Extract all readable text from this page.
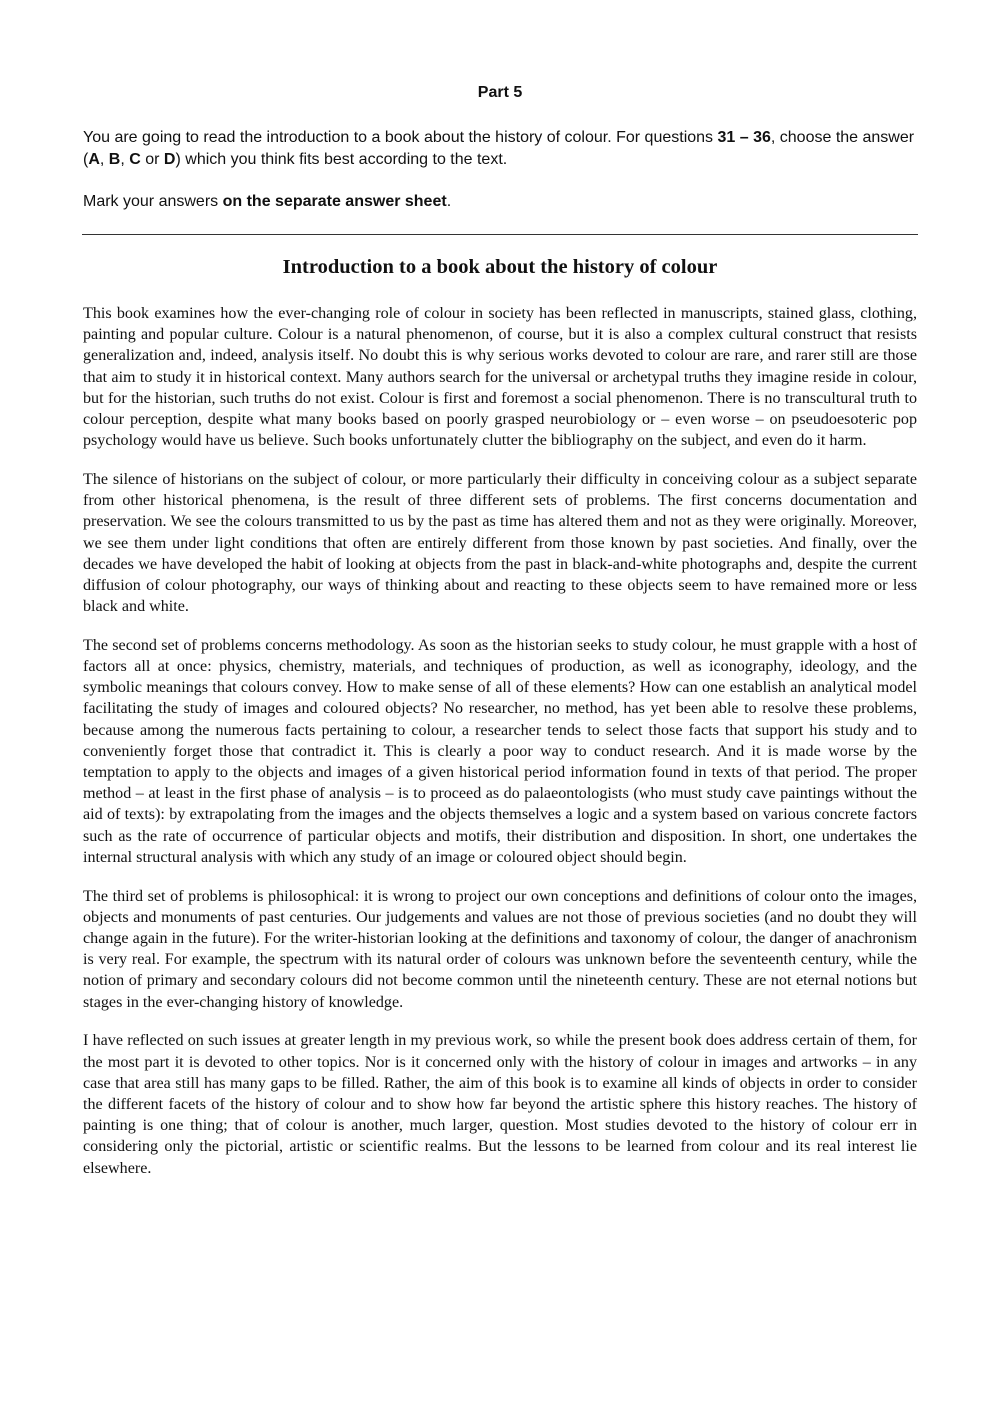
Part 5

You are going to read the introduction to a book about the history of colour. For questions 31 – 36, choose the answer (A, B, C or D) which you think fits best according to the text.

Mark your answers on the separate answer sheet.

Introduction to a book about the history of colour

This book examines how the ever-changing role of colour in society has been reflected in manuscripts, stained glass, clothing, painting and popular culture. Colour is a natural phenomenon, of course, but it is also a complex cultural construct that resists generalization and, indeed, analysis itself. No doubt this is why serious works devoted to colour are rare, and rarer still are those that aim to study it in historical context. Many authors search for the universal or archetypal truths they imagine reside in colour, but for the historian, such truths do not exist. Colour is first and foremost a social phenomenon. There is no transcultural truth to colour perception, despite what many books based on poorly grasped neurobiology or – even worse – on pseudoesoteric pop psychology would have us believe. Such books unfortunately clutter the bibliography on the subject, and even do it harm.

The silence of historians on the subject of colour, or more particularly their difficulty in conceiving colour as a subject separate from other historical phenomena, is the result of three different sets of problems. The first concerns documentation and preservation. We see the colours transmitted to us by the past as time has altered them and not as they were originally. Moreover, we see them under light conditions that often are entirely different from those known by past societies. And finally, over the decades we have developed the habit of looking at objects from the past in black-and-white photographs and, despite the current diffusion of colour photography, our ways of thinking about and reacting to these objects seem to have remained more or less black and white.

The second set of problems concerns methodology. As soon as the historian seeks to study colour, he must grapple with a host of factors all at once: physics, chemistry, materials, and techniques of production, as well as iconography, ideology, and the symbolic meanings that colours convey. How to make sense of all of these elements? How can one establish an analytical model facilitating the study of images and coloured objects? No researcher, no method, has yet been able to resolve these problems, because among the numerous facts pertaining to colour, a researcher tends to select those facts that support his study and to conveniently forget those that contradict it. This is clearly a poor way to conduct research. And it is made worse by the temptation to apply to the objects and images of a given historical period information found in texts of that period. The proper method – at least in the first phase of analysis – is to proceed as do palaeontologists (who must study cave paintings without the aid of texts): by extrapolating from the images and the objects themselves a logic and a system based on various concrete factors such as the rate of occurrence of particular objects and motifs, their distribution and disposition. In short, one undertakes the internal structural analysis with which any study of an image or coloured object should begin.

The third set of problems is philosophical: it is wrong to project our own conceptions and definitions of colour onto the images, objects and monuments of past centuries. Our judgements and values are not those of previous societies (and no doubt they will change again in the future). For the writer-historian looking at the definitions and taxonomy of colour, the danger of anachronism is very real. For example, the spectrum with its natural order of colours was unknown before the seventeenth century, while the notion of primary and secondary colours did not become common until the nineteenth century. These are not eternal notions but stages in the ever-changing history of knowledge.

I have reflected on such issues at greater length in my previous work, so while the present book does address certain of them, for the most part it is devoted to other topics. Nor is it concerned only with the history of colour in images and artworks – in any case that area still has many gaps to be filled. Rather, the aim of this book is to examine all kinds of objects in order to consider the different facets of the history of colour and to show how far beyond the artistic sphere this history reaches. The history of painting is one thing; that of colour is another, much larger, question. Most studies devoted to the history of colour err in considering only the pictorial, artistic or scientific realms. But the lessons to be learned from colour and its real interest lie elsewhere.
